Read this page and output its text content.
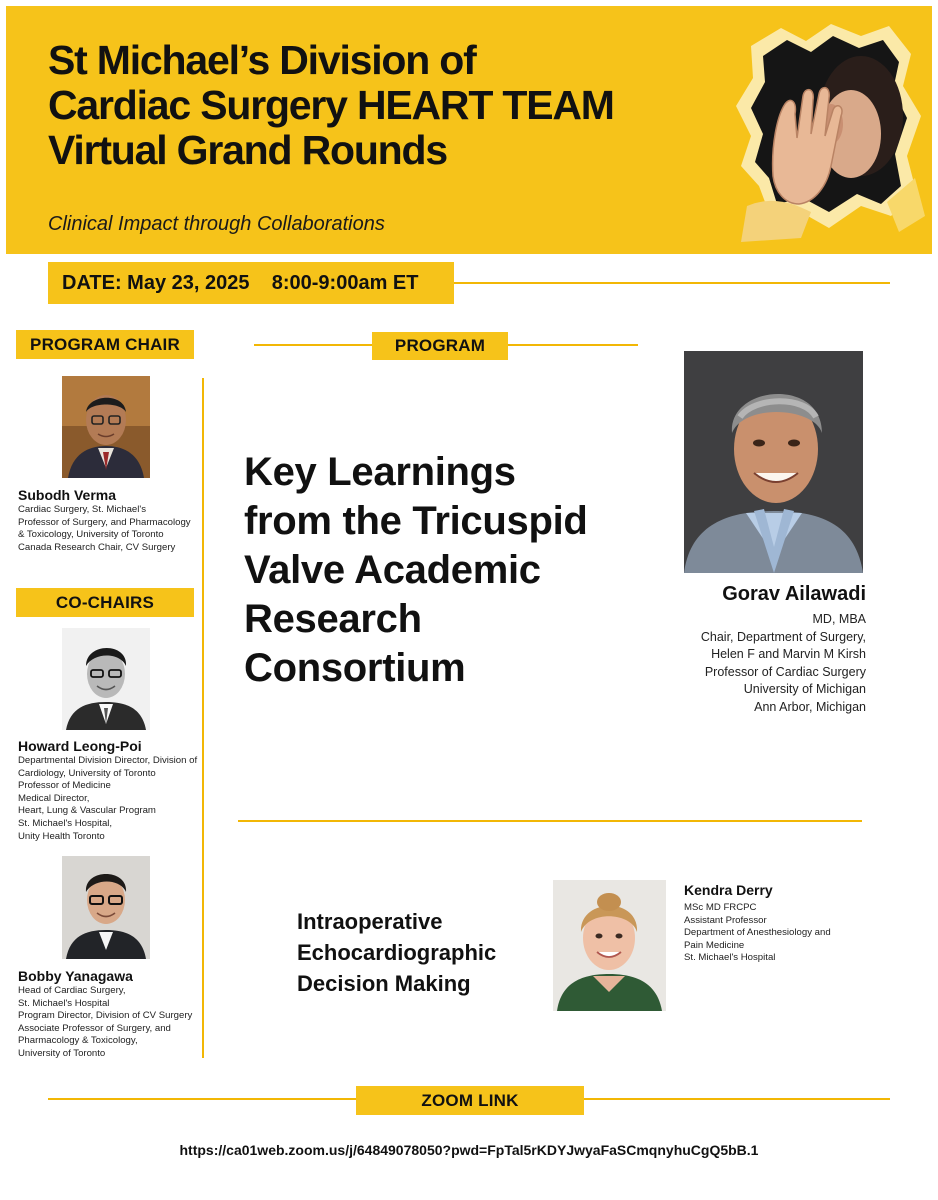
St Michael’s Division of
Cardiac Surgery HEART TEAM
Virtual Grand Rounds
Clinical Impact through Collaborations
DATE: May 23, 2025 8:00-9:00am ET
PROGRAM CHAIR
Subodh Verma
Cardiac Surgery, St. Michael's
Professor of Surgery, and Pharmacology
& Toxicology, University of Toronto
Canada Research Chair, CV Surgery
CO-CHAIRS
Howard Leong-Poi
Departmental Division Director, Division of
Cardiology, University of Toronto
Professor of Medicine
Medical Director,
Heart, Lung & Vascular Program
St. Michael's Hospital,
Unity Health Toronto
Bobby Yanagawa
Head of Cardiac Surgery,
St. Michael's Hospital
Program Director, Division of CV Surgery
Associate Professor of Surgery, and
Pharmacology & Toxicology,
University of Toronto
PROGRAM
Key Learnings
from the Tricuspid
Valve Academic
Research
Consortium
Gorav Ailawadi
MD, MBA
Chair, Department of Surgery,
Helen F and Marvin M Kirsh
Professor of Cardiac Surgery
University of Michigan
Ann Arbor, Michigan
Intraoperative
Echocardiographic
Decision Making
Kendra Derry
MSc MD FRCPC
Assistant Professor
Department of Anesthesiology and
Pain Medicine
St. Michael's Hospital
ZOOM LINK
https://ca01web.zoom.us/j/64849078050?pwd=FpTal5rKDYJwyaFaSCmqnyhuCgQ5bB.1
